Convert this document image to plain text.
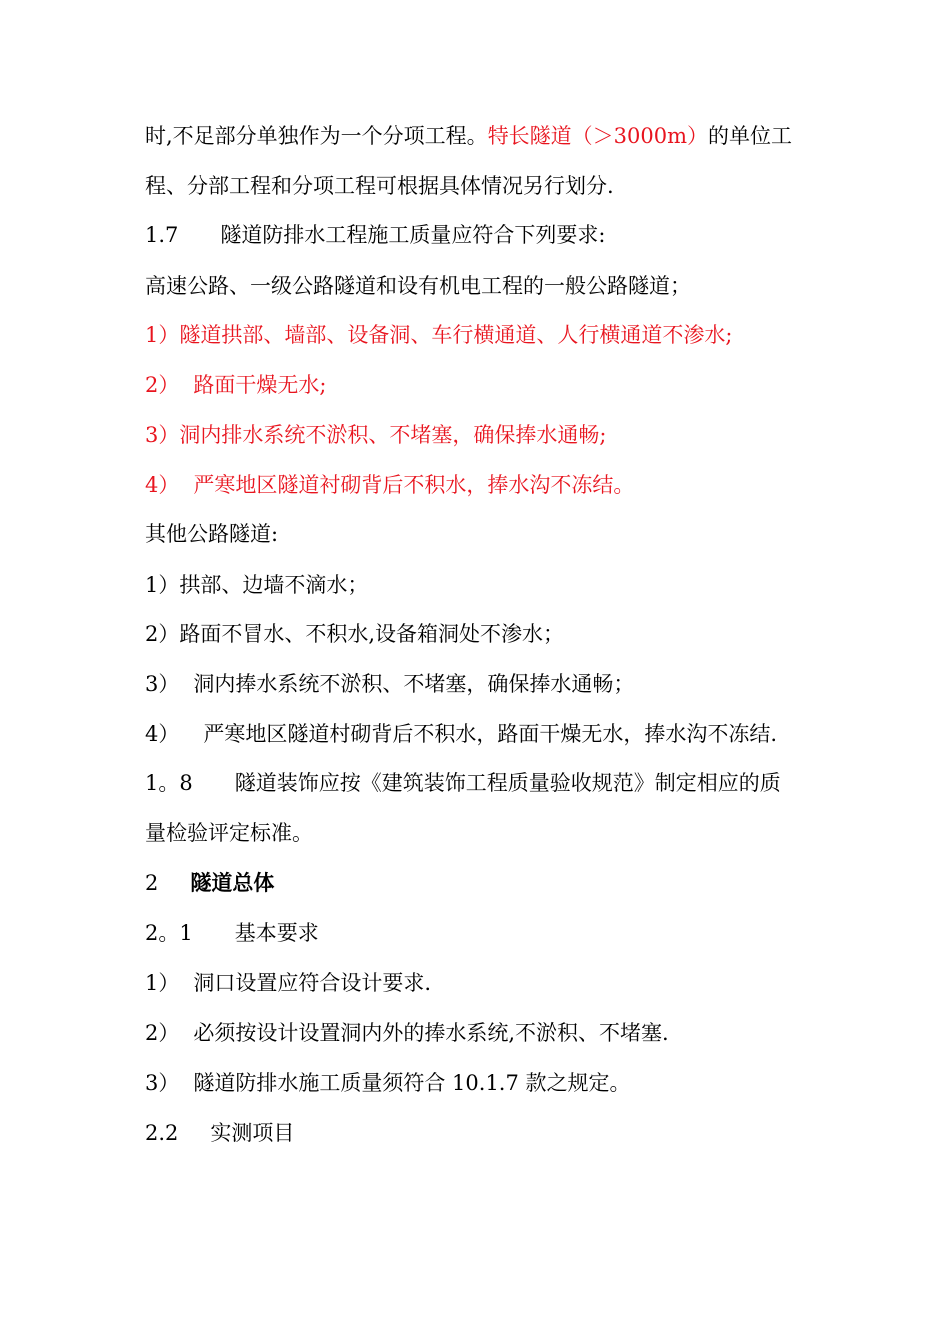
时,不足部分单独作为一个分项工程。特长隧道（＞3000m）的单位工
程、分部工程和分项工程可根据具体情况另行划分.
1.7 隧道防排水工程施工质量应符合下列要求:
高速公路、一级公路隧道和设有机电工程的一般公路隧道；
1）隧道拱部、墙部、设备洞、车行横通道、人行横通道不渗水;
2） 路面干燥无水;
3）洞内排水系统不淤积、不堵塞，确保捧水通畅;
4） 严寒地区隧道衬砌背后不积水，捧水沟不冻结。
其他公路隧道:
1）拱部、边墙不滴水；
2）路面不冒水、不积水,设备箱洞处不渗水；
3） 洞内捧水系统不淤积、不堵塞，确保捧水通畅；
4） 严寒地区隧道村砌背后不积水，路面干燥无水，捧水沟不冻结.
1。8 隧道装饰应按《建筑装饰工程质量验收规范》制定相应的质
量检验评定标准。
2 隧道总体
2。1 基本要求
1） 洞口设置应符合设计要求.
2） 必须按设计设置洞内外的捧水系统,不淤积、不堵塞.
3） 隧道防排水施工质量须符合 10.1.7 款之规定。
2.2 实测项目
